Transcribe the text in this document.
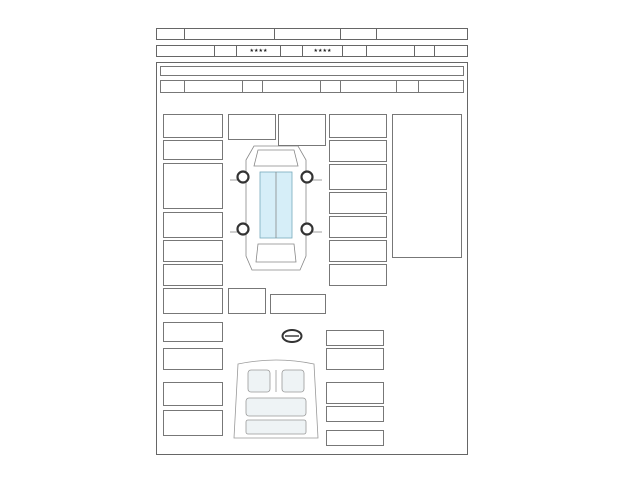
		★★★★		★★★★				
